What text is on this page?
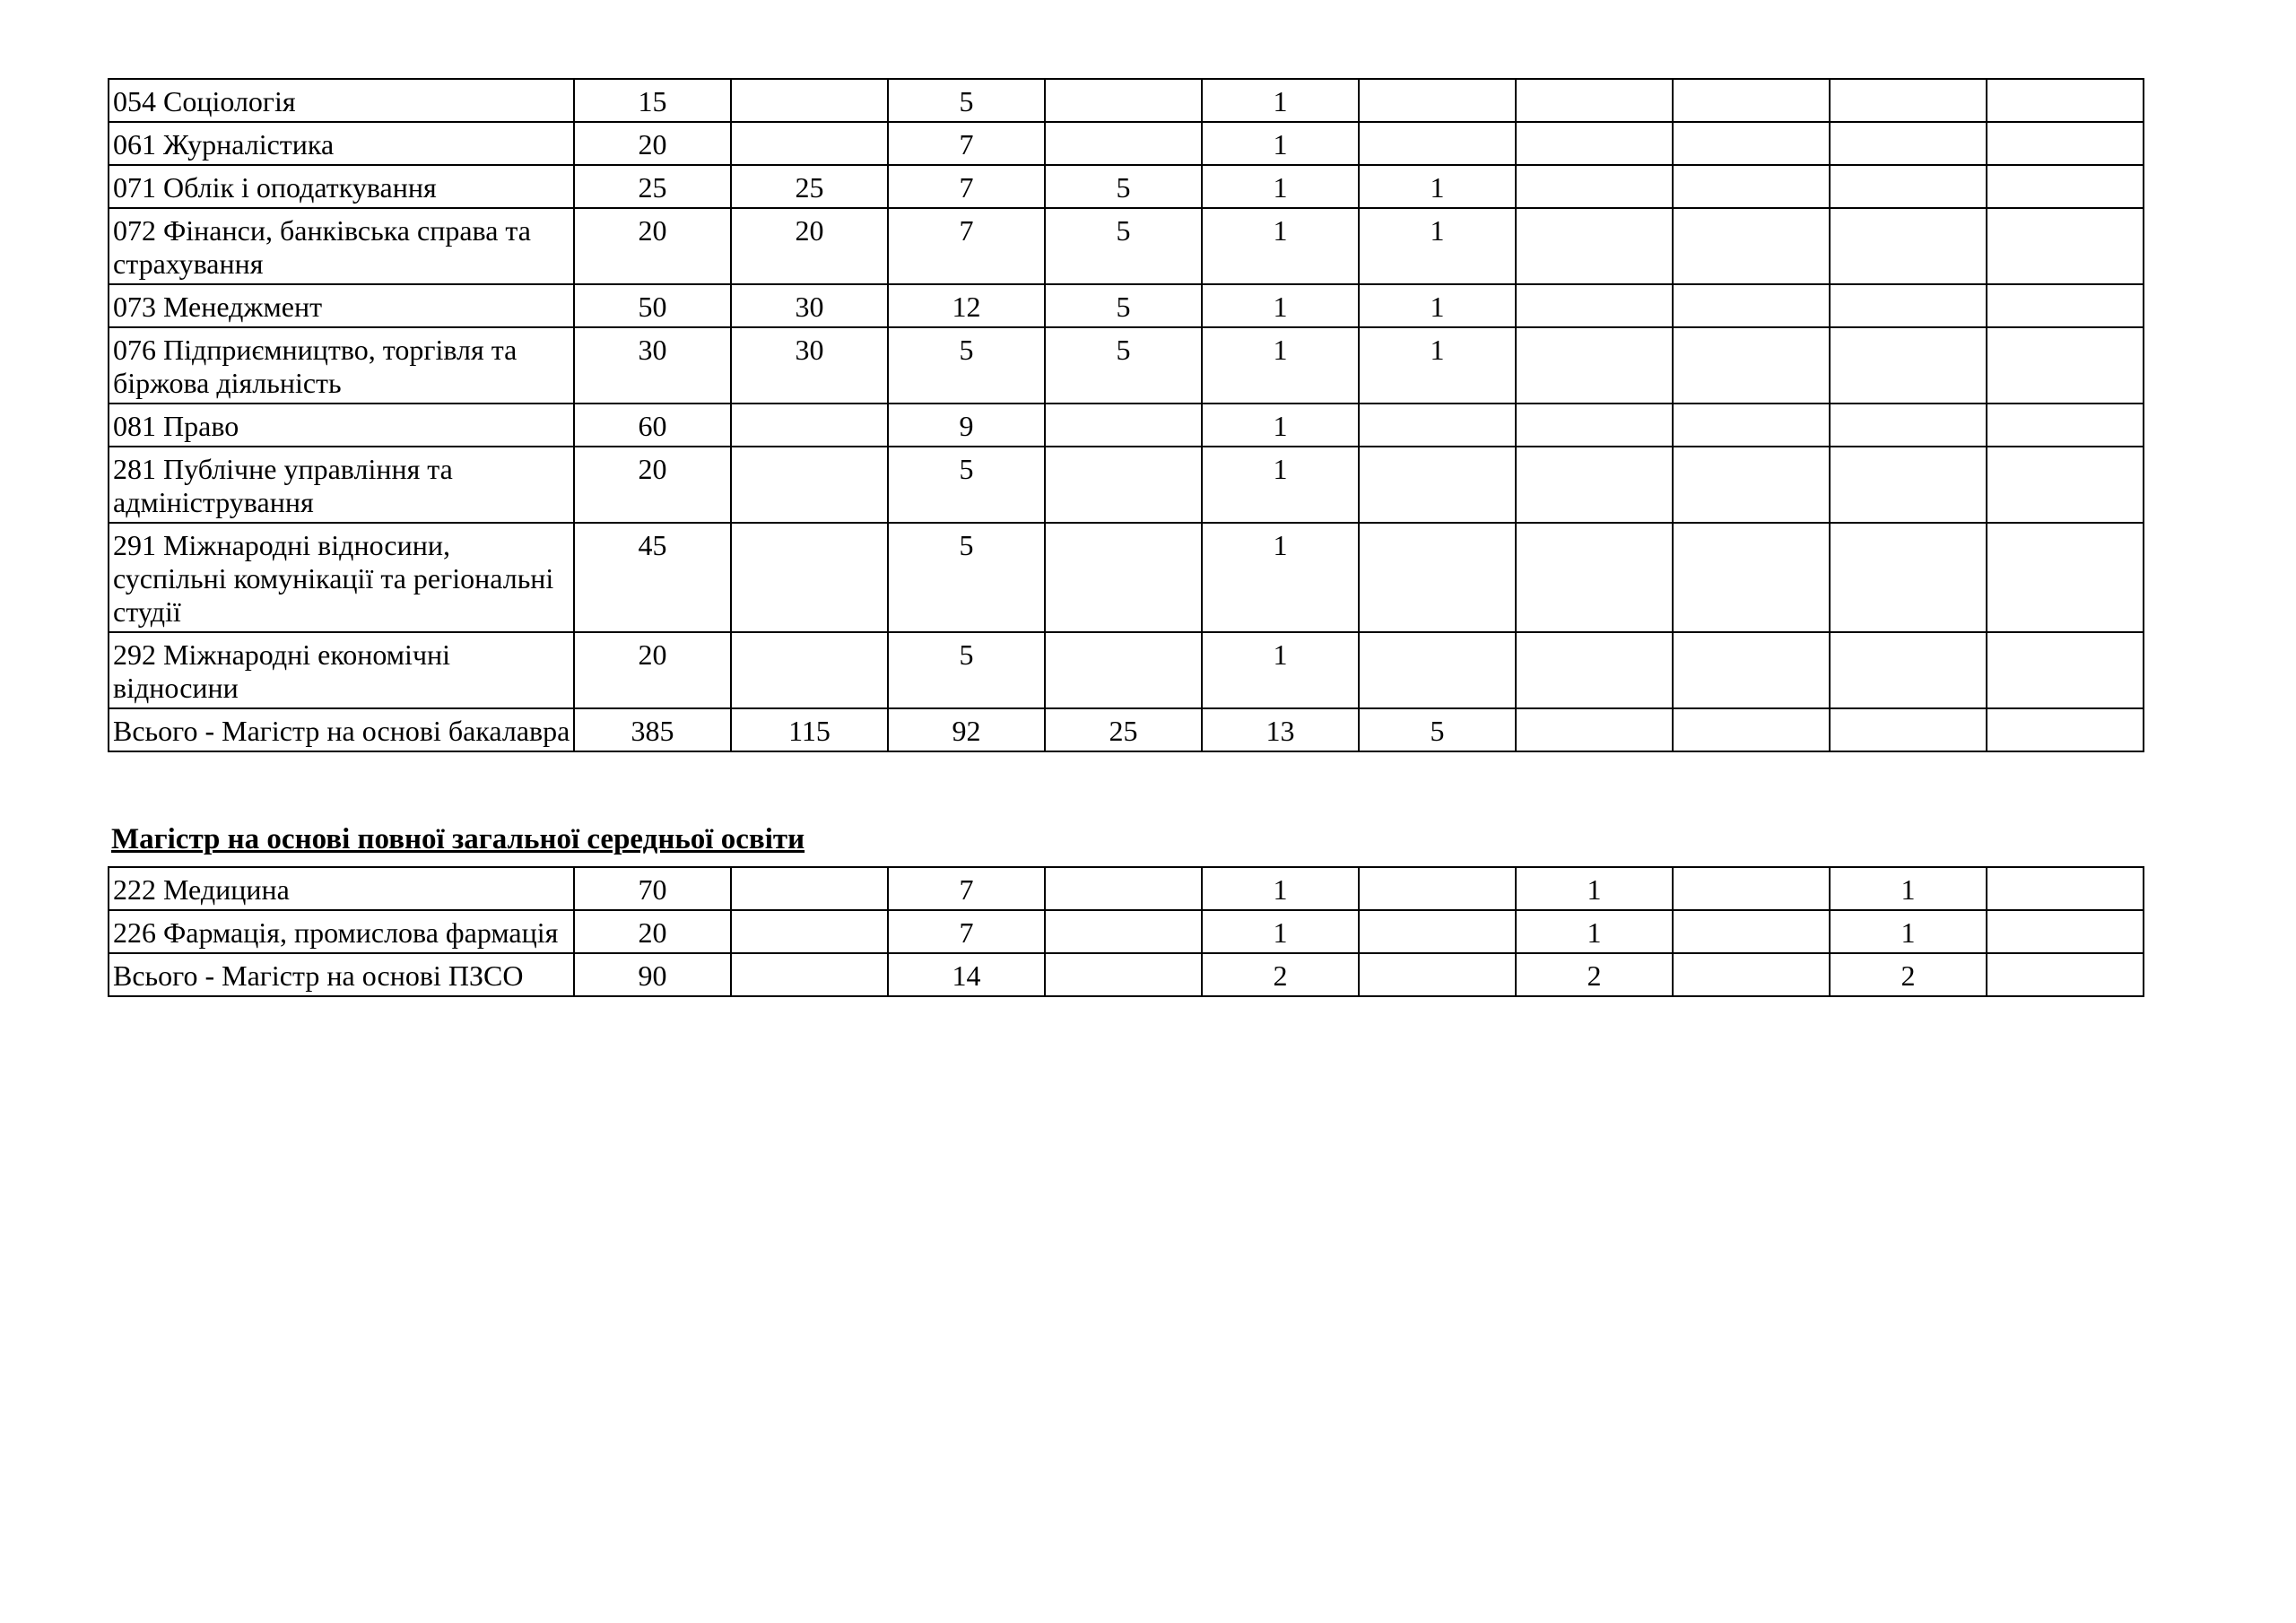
054 Соціологія	15		5		1					
061 Журналістика	20		7		1					
071 Облік і оподаткування	25	25	7	5	1	1				
072 Фінанси, банківська справа та страхування	20	20	7	5	1	1				
073 Менеджмент	50	30	12	5	1	1				
076 Підприємництво, торгівля та біржова діяльність	30	30	5	5	1	1				
081 Право	60		9		1					
281 Публічне управління та адміністрування	20		5		1					
291 Міжнародні відносини, суспільні комунікації та регіональні студії	45		5		1					
292 Міжнародні економічні відносини	20		5		1					
Всього - Магістр на основі бакалавра	385	115	92	25	13	5				
Магістр на основі повної загальної середньої освіти
222 Медицина	70		7		1		1		1	
226 Фармація, промислова фармація	20		7		1		1		1	
Всього - Магістр на основі ПЗСО	90		14		2		2		2	
